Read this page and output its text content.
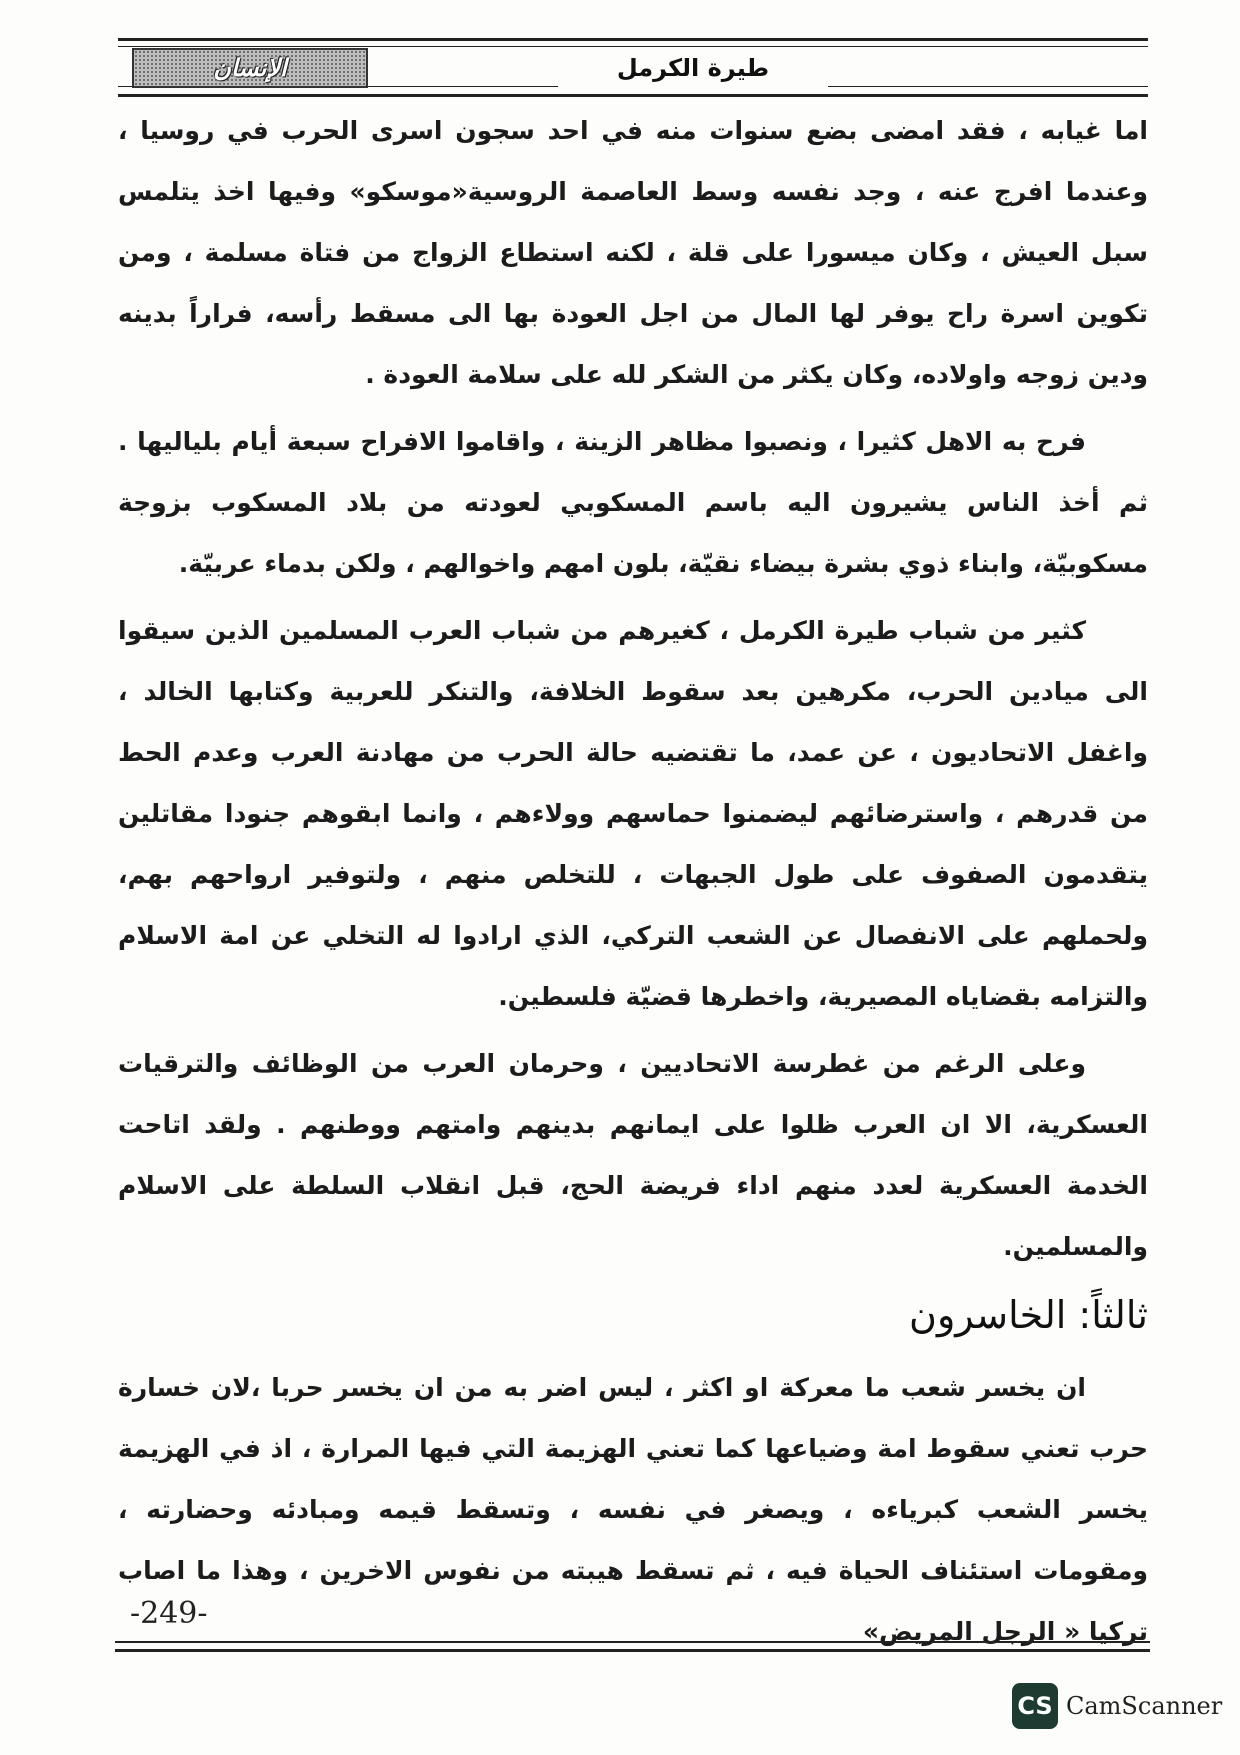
الإنسان	طيرة الكرمل

اما غيابه ، فقد امضى بضع سنوات منه في احد سجون اسرى الحرب في روسيا ، وعندما افرج عنه ، وجد نفسه وسط العاصمة الروسية«موسكو» وفيها اخذ يتلمس سبل العيش ، وكان ميسورا على قلة ، لكنه استطاع الزواج من فتاة مسلمة ، ومن تكوين اسرة راح يوفر لها المال من اجل العودة بها الى مسقط رأسه، فراراً بدينه ودين زوجه واولاده، وكان يكثر من الشكر لله على سلامة العودة .

فرح به الاهل كثيرا ، ونصبوا مظاهر الزينة ، واقاموا الافراح سبعة أيام بلياليها . ثم أخذ الناس يشيرون اليه باسم المسكوبي لعودته من بلاد المسكوب بزوجة مسكوبيّة، وابناء ذوي بشرة بيضاء نقيّة، بلون امهم واخوالهم ، ولكن بدماء عربيّة.

كثير من شباب طيرة الكرمل ، كغيرهم من شباب العرب المسلمين الذين سيقوا الى ميادين الحرب، مكرهين بعد سقوط الخلافة، والتنكر للعربية وكتابها الخالد ، واغفل الاتحاديون ، عن عمد، ما تقتضيه حالة الحرب من مهادنة العرب وعدم الحط من قدرهم ، واسترضائهم ليضمنوا حماسهم وولاءهم ، وانما ابقوهم جنودا مقاتلين يتقدمون الصفوف على طول الجبهات ، للتخلص منهم ، ولتوفير ارواحهم بهم، ولحملهم على الانفصال عن الشعب التركي، الذي ارادوا له التخلي عن امة الاسلام والتزامه بقضاياه المصيرية، واخطرها قضيّة فلسطين.

وعلى الرغم من غطرسة الاتحاديين ، وحرمان العرب من الوظائف والترقيات العسكرية، الا ان العرب ظلوا على ايمانهم بدينهم وامتهم ووطنهم . ولقد اتاحت الخدمة العسكرية لعدد منهم اداء فريضة الحج، قبل انقلاب السلطة على الاسلام والمسلمين.

ثالثاً: الخاسرون

ان يخسر شعب ما معركة او اكثر ، ليس اضر به من ان يخسر حربا ،لان خسارة حرب تعني سقوط امة وضياعها كما تعني الهزيمة التي فيها المرارة ، اذ في الهزيمة يخسر الشعب كبرياءه ، ويصغر في نفسه ، وتسقط قيمه ومبادئه وحضارته ، ومقومات استئناف الحياة فيه ، ثم تسقط هيبته من نفوس الاخرين ، وهذا ما اصاب تركيا « الرجل المريض»

-249-
CS CamScanner
